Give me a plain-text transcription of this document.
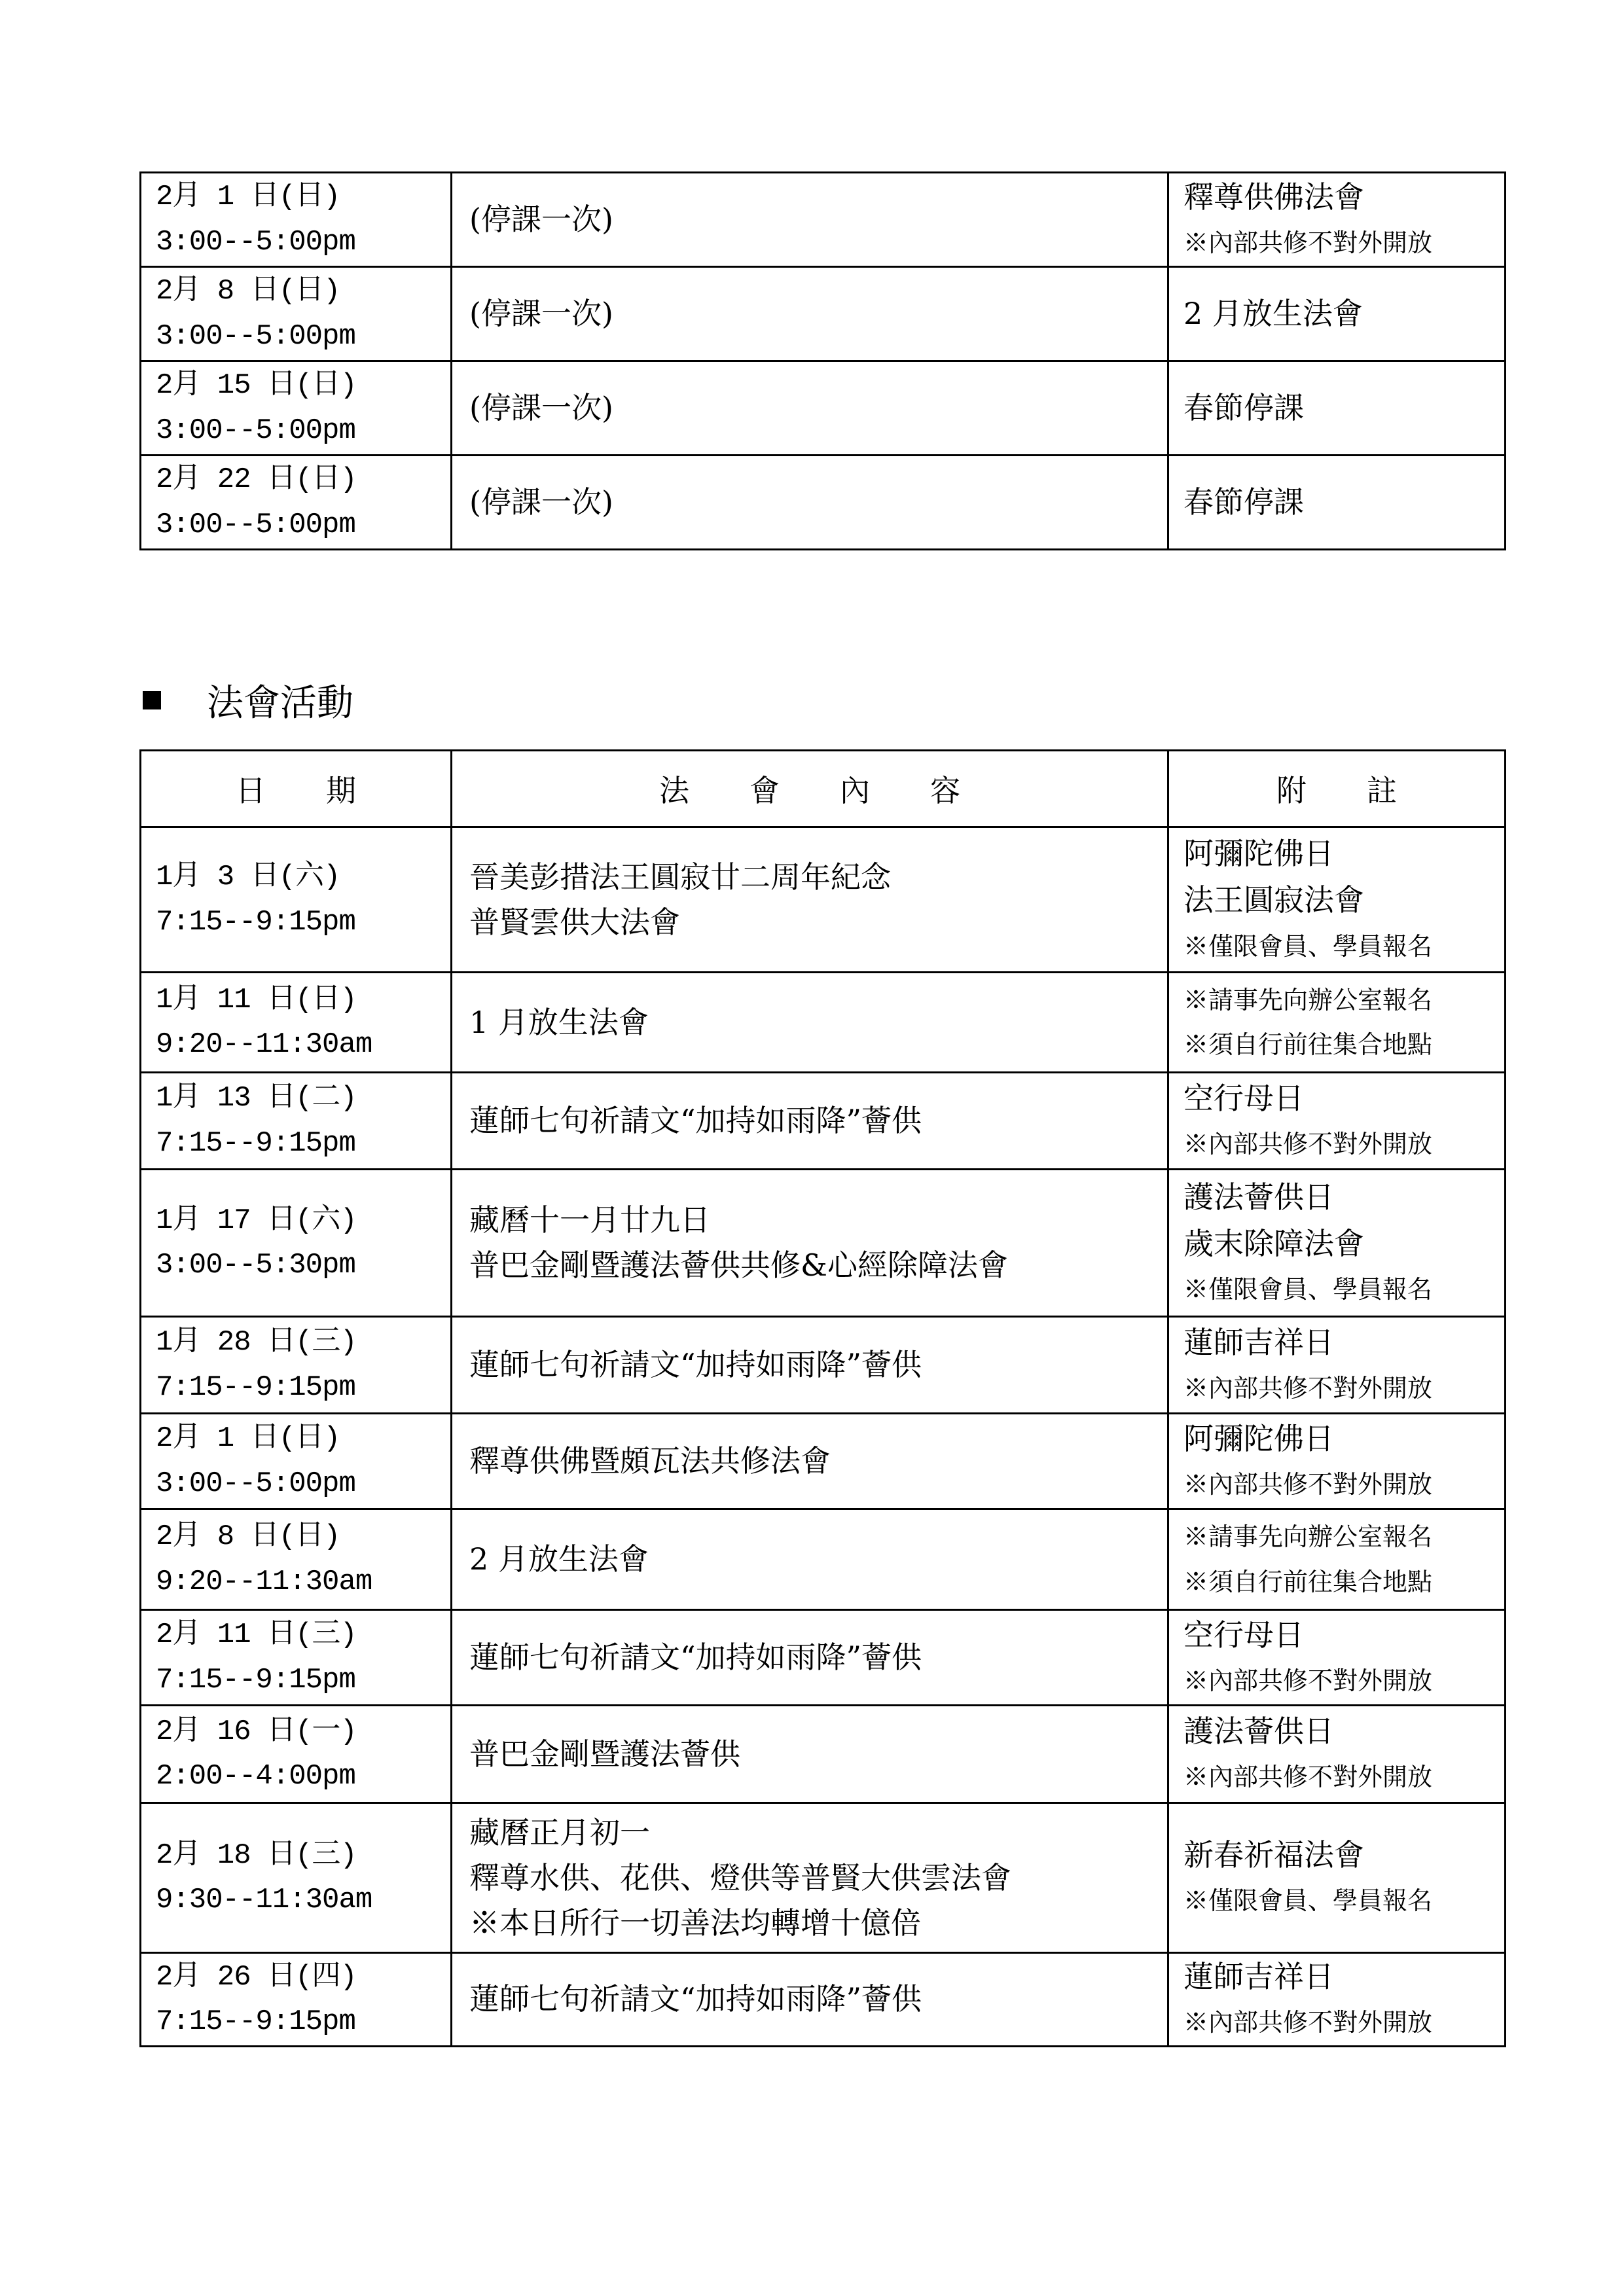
2月 1 日(日)
3:00--5:00pm	(停課一次)	釋尊供佛法會
※內部共修不對外開放

2月 8 日(日)
3:00--5:00pm	(停課一次)	2 月放生法會

2月 15 日(日)
3:00--5:00pm	(停課一次)	春節停課

2月 22 日(日)
3:00--5:00pm	(停課一次)	春節停課
法會活動
日　　期	法　　會　　內　　容	附　　註

1月 3 日(六)
7:15--9:15pm	晉美彭措法王圓寂廿二周年紀念
普賢雲供大法會	阿彌陀佛日
法王圓寂法會
※僅限會員、學員報名

1月 11 日(日)
9:20--11:30am	1 月放生法會	※請事先向辦公室報名
※須自行前往集合地點

1月 13 日(二)
7:15--9:15pm	蓮師七句祈請文“加持如雨降”薈供	空行母日
※內部共修不對外開放

1月 17 日(六)
3:00--5:30pm	藏曆十一月廿九日
普巴金剛暨護法薈供共修&心經除障法會	護法薈供日
歲末除障法會
※僅限會員、學員報名

1月 28 日(三)
7:15--9:15pm	蓮師七句祈請文“加持如雨降”薈供	蓮師吉祥日
※內部共修不對外開放

2月 1 日(日)
3:00--5:00pm	釋尊供佛暨頗瓦法共修法會	阿彌陀佛日
※內部共修不對外開放

2月 8 日(日)
9:20--11:30am	2 月放生法會	※請事先向辦公室報名
※須自行前往集合地點

2月 11 日(三)
7:15--9:15pm	蓮師七句祈請文“加持如雨降”薈供	空行母日
※內部共修不對外開放

2月 16 日(一)
2:00--4:00pm	普巴金剛暨護法薈供	護法薈供日
※內部共修不對外開放

2月 18 日(三)
9:30--11:30am	藏曆正月初一
釋尊水供、花供、燈供等普賢大供雲法會
※本日所行一切善法均轉增十億倍	新春祈福法會
※僅限會員、學員報名

2月 26 日(四)
7:15--9:15pm	蓮師七句祈請文“加持如雨降”薈供	蓮師吉祥日
※內部共修不對外開放
